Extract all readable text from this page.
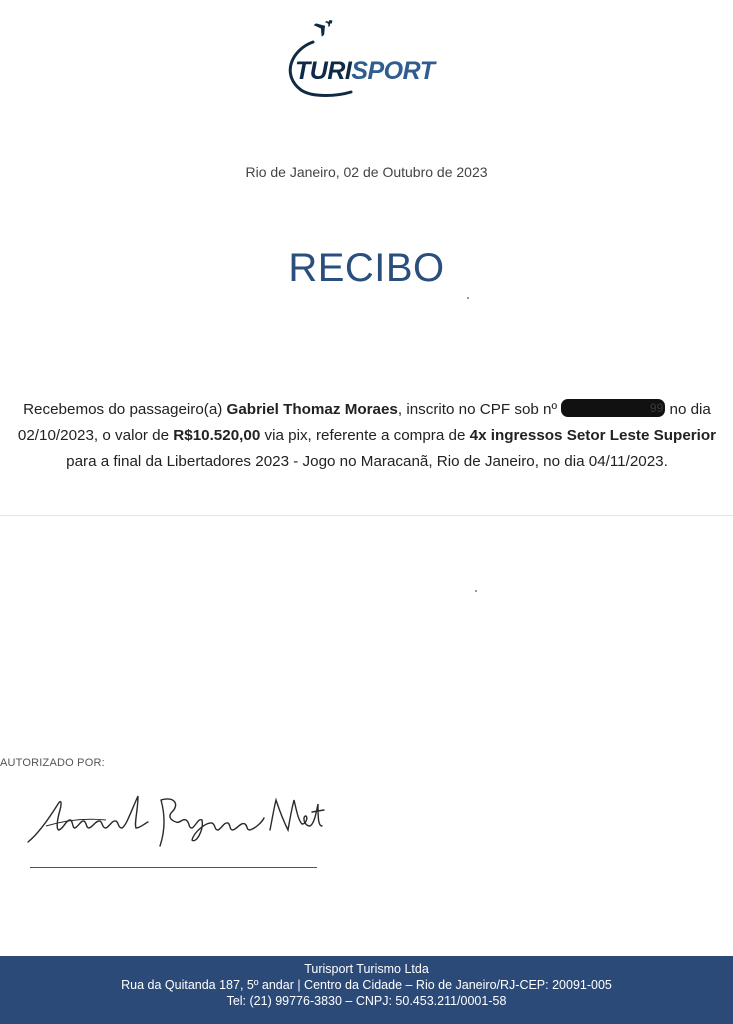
TURISPORT
Rio de Janeiro, 02 de Outubro de 2023
RECIBO
Recebemos do passageiro(a) Gabriel Thomaz Moraes, inscrito no CPF sob nº 99	no dia 02/10/2023, o valor de R$10.520,00 via pix, referente a compra de 4x ingressos Setor Leste Superior para a final da Libertadores 2023 - Jogo no Maracanã, Rio de Janeiro, no dia 04/11/2023.
AUTORIZADO POR:
Turisport Turismo Ltda
Rua da Quitanda 187, 5º andar | Centro da Cidade – Rio de Janeiro/RJ-CEP: 20091-005
Tel: (21) 99776-3830 – CNPJ: 50.453.211/0001-58
